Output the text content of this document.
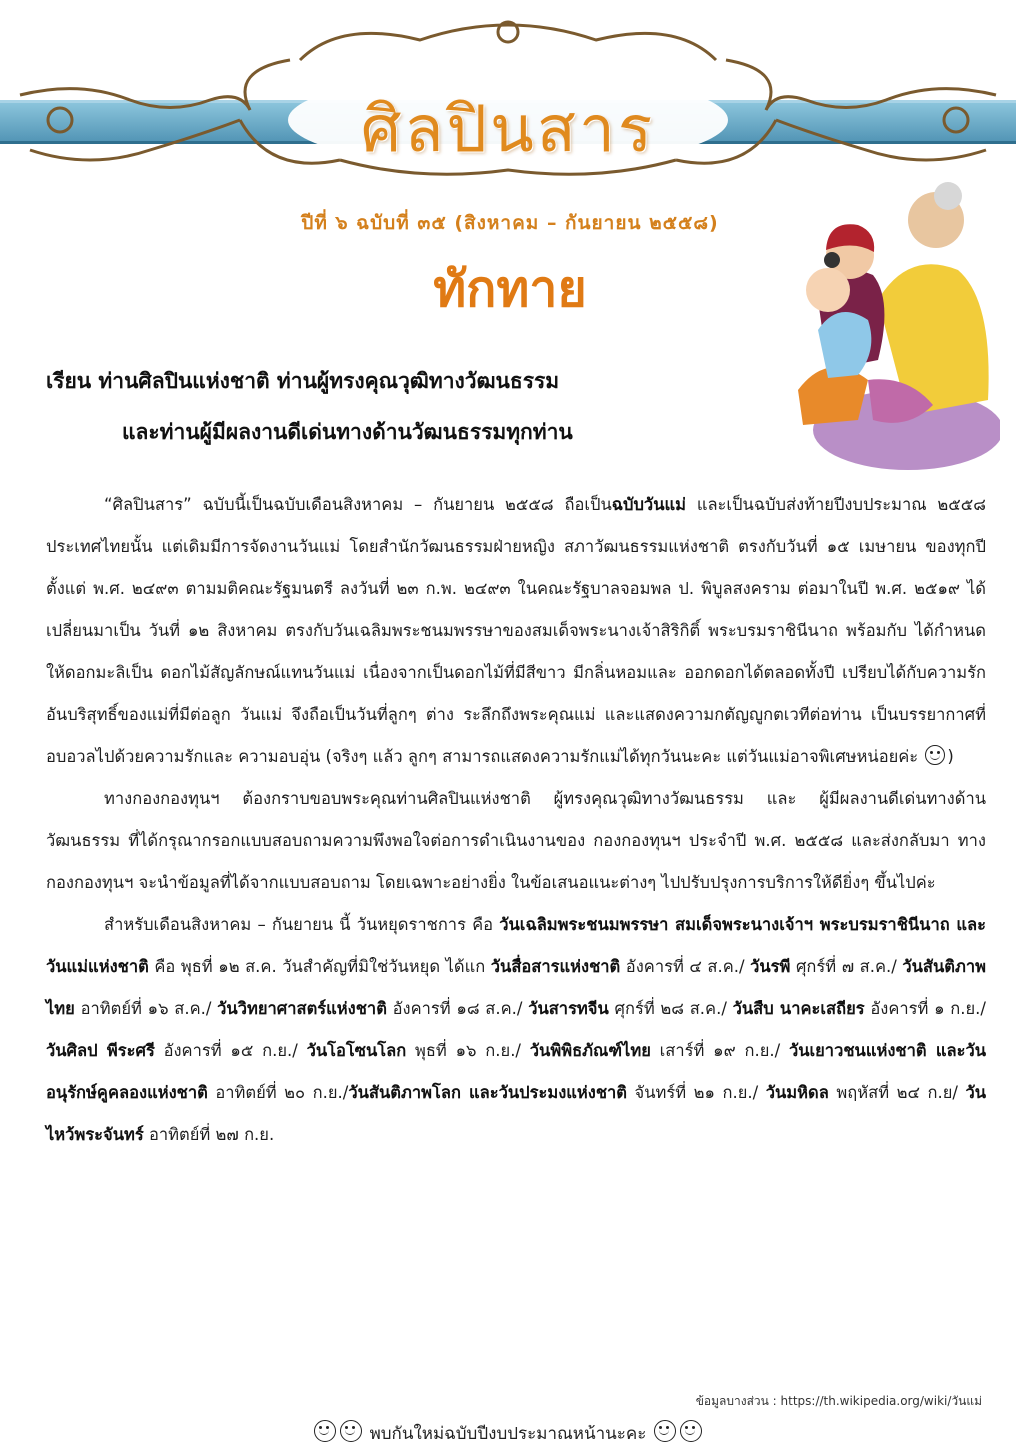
ศิลปินสาร
ปีที่ ๖ ฉบับที่ ๓๕ (สิงหาคม – กันยายน ๒๕๕๘)
ทักทาย
เรียน ท่านศิลปินแห่งชาติ ท่านผู้ทรงคุณวุฒิทางวัฒนธรรม
และท่านผู้มีผลงานดีเด่นทางด้านวัฒนธรรมทุกท่าน

“ศิลปินสาร” ฉบับนี้เป็นฉบับเดือนสิงหาคม – กันยายน ๒๕๕๘ ถือเป็นฉบับวันแม่ และเป็นฉบับส่งท้ายปีงบประมาณ ๒๕๕๘ ประเทศไทยนั้น แต่เดิมมีการจัดงานวันแม่ โดยสำนักวัฒนธรรมฝ่ายหญิง สภาวัฒนธรรมแห่งชาติ ตรงกับวันที่ ๑๕ เมษายน ของทุกปี ตั้งแต่ พ.ศ. ๒๔๙๓ ตามมติคณะรัฐมนตรี ลงวันที่ ๒๓ ก.พ. ๒๔๙๓ ในคณะรัฐบาลจอมพล ป. พิบูลสงคราม ต่อมาในปี พ.ศ. ๒๕๑๙ ได้เปลี่ยนมาเป็น วันที่ ๑๒ สิงหาคม ตรงกับวันเฉลิมพระชนมพรรษาของสมเด็จพระนางเจ้าสิริกิติ์ พระบรมราชินีนาถ พร้อมกับ ได้กำหนดให้ดอกมะลิเป็น ดอกไม้สัญลักษณ์แทนวันแม่ เนื่องจากเป็นดอกไม้ที่มีสีขาว มีกลิ่นหอมและ ออกดอกได้ตลอดทั้งปี เปรียบได้กับความรักอันบริสุทธิ์ของแม่ที่มีต่อลูก วันแม่ จึงถือเป็นวันที่ลูกๆ ต่าง ระลึกถึงพระคุณแม่ และแสดงความกตัญญูกตเวทีต่อท่าน เป็นบรรยากาศที่อบอวลไปด้วยความรักและ ความอบอุ่น (จริงๆ แล้ว ลูกๆ สามารถแสดงความรักแม่ได้ทุกวันนะคะ แต่วันแม่อาจพิเศษหน่อยค่ะ )

ทางกองกองทุนฯ ต้องกราบขอบพระคุณท่านศิลปินแห่งชาติ ผู้ทรงคุณวุฒิทางวัฒนธรรม และ ผู้มีผลงานดีเด่นทางด้านวัฒนธรรม ที่ได้กรุณากรอกแบบสอบถามความพึงพอใจต่อการดำเนินงานของ กองกองทุนฯ ประจำปี พ.ศ. ๒๕๕๘ และส่งกลับมา ทางกองกองทุนฯ จะนำข้อมูลที่ได้จากแบบสอบถาม โดยเฉพาะอย่างยิ่ง ในข้อเสนอแนะต่างๆ ไปปรับปรุงการบริการให้ดียิ่งๆ ขึ้นไปค่ะ

สำหรับเดือนสิงหาคม – กันยายน นี้ วันหยุดราชการ คือ วันเฉลิมพระชนมพรรษา สมเด็จพระนางเจ้าฯ พระบรมราชินีนาถ และวันแม่แห่งชาติ คือ พุธที่ ๑๒ ส.ค. วันสำคัญที่มิใช่วันหยุด ได้แก วันสื่อสารแห่งชาติ อังคารที่ ๔ ส.ค./ วันรพี ศุกร์ที่ ๗ ส.ค./ วันสันติภาพไทย อาทิตย์ที่ ๑๖ ส.ค./ วันวิทยาศาสตร์แห่งชาติ อังคารที่ ๑๘ ส.ค./ วันสารทจีน ศุกร์ที่ ๒๘ ส.ค./ วันสืบ นาคะเสถียร อังคารที่ ๑ ก.ย./ วันศิลป พีระศรี อังคารที่ ๑๕ ก.ย./ วันโอโซนโลก พุธที่ ๑๖ ก.ย./ วันพิพิธภัณฑ์ไทย เสาร์ที่ ๑๙ ก.ย./ วันเยาวชนแห่งชาติ และวันอนุรักษ์คูคลองแห่งชาติ อาทิตย์ที่ ๒๐ ก.ย./วันสันติภาพโลก และวันประมงแห่งชาติ จันทร์ที่ ๒๑ ก.ย./ วันมหิดล พฤหัสที่ ๒๔ ก.ย/ วันไหว้พระจันทร์ อาทิตย์ที่ ๒๗ ก.ย.

ข้อมูลบางส่วน : https://th.wikipedia.org/wiki/วันแม่
พบกันใหม่ฉบับปีงบประมาณหน้านะคะ
